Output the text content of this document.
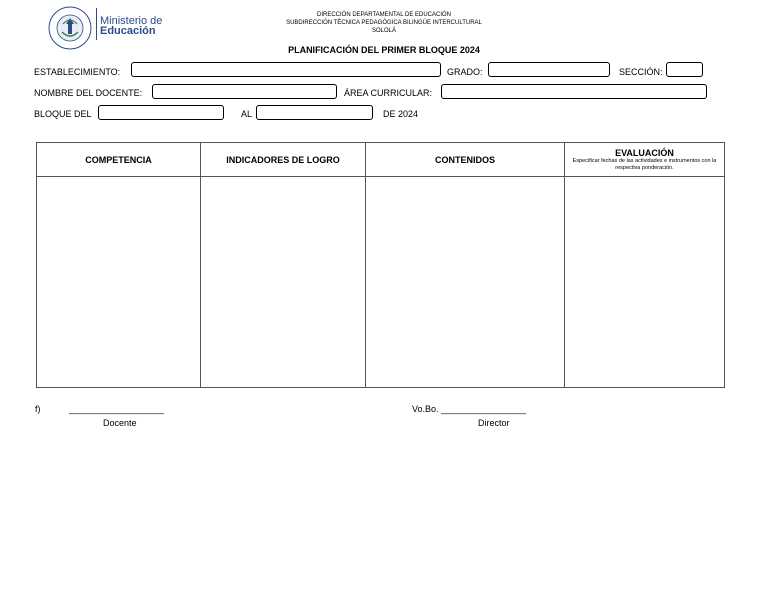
Ministerio de
Educación
DIRECCIÓN DEPARTAMENTAL DE EDUCACIÓN
SUBDIRECCIÓN TÉCNICA PEDAGÓGICA BILINGÜE INTERCULTURAL
SOLOLÁ
PLANIFICACIÓN DEL PRIMER BLOQUE 2024
ESTABLECIMIENTO:	GRADO:	SECCIÓN:
NOMBRE DEL DOCENTE:	ÁREA CURRICULAR:
BLOQUE DEL	AL	DE 2024
COMPETENCIA	INDICADORES DE LOGRO	CONTENIDOS	EVALUACIÓN
Especificar fechas de las actividades e instrumentos con la respectiva ponderación.

f)	___________________
Docente
Vo.Bo. _________________
Director
